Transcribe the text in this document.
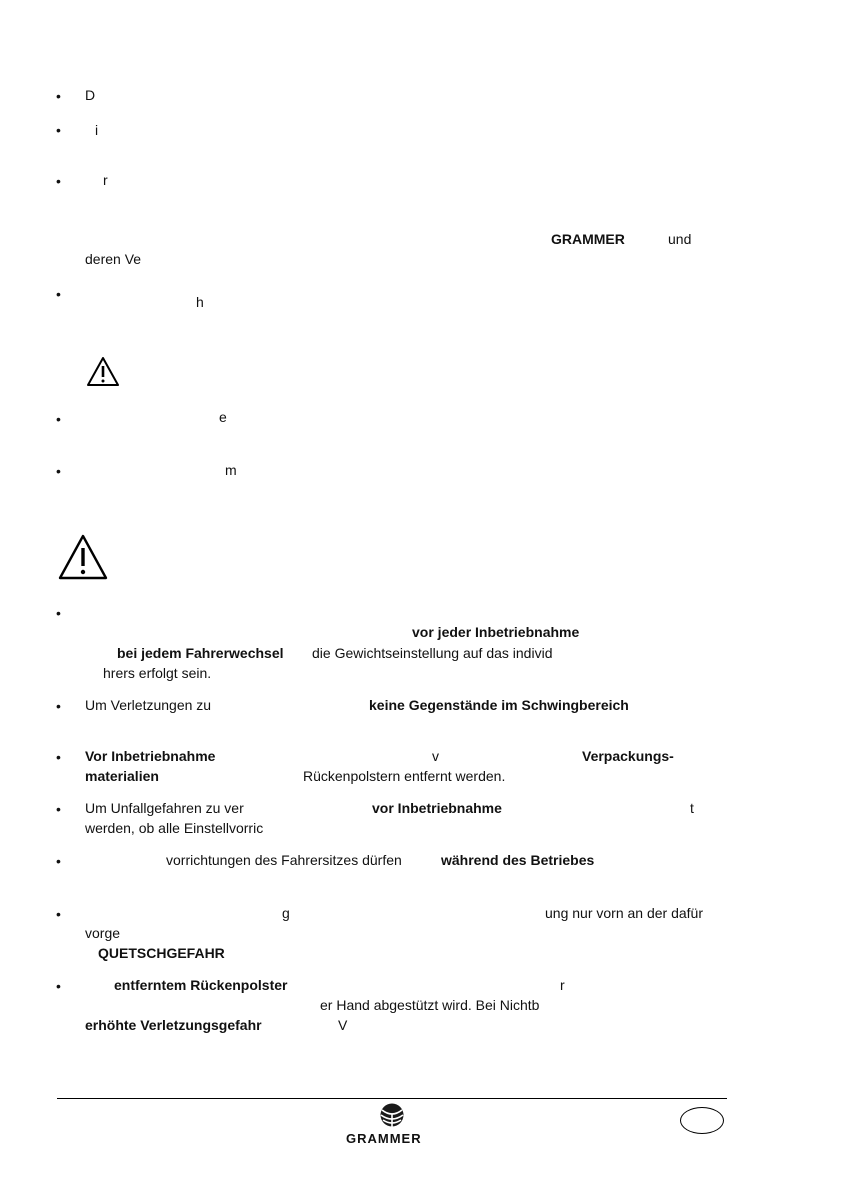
D
i
r
GRAMMER	und
deren Ve
h
e
m
vor jeder Inbetriebnahme
bei jedem Fahrerwechsel die Gewichtseinstellung auf das individ
hrers erfolgt sein.
Um Verletzungen zu	keine Gegenstände im Schwingbereich
Vor Inbetriebnahme	v	Verpackungs-
materialien	Rückenpolstern entfernt werden.
Um Unfallgefahren zu ver	vor Inbetriebnahme	t
werden, ob alle Einstellvorric
vorrichtungen des Fahrersitzes dürfen	während des Betriebes
g	ung nur vorn an der dafür
vorge
QUETSCHGEFAHR
entferntem Rückenpolster	r
er Hand abgestützt wird. Bei Nichtb
erhöhte Verletzungsgefahr	V
•
•
•
•
•
•
•
•
•
•
•
•
•
GRAMMER
